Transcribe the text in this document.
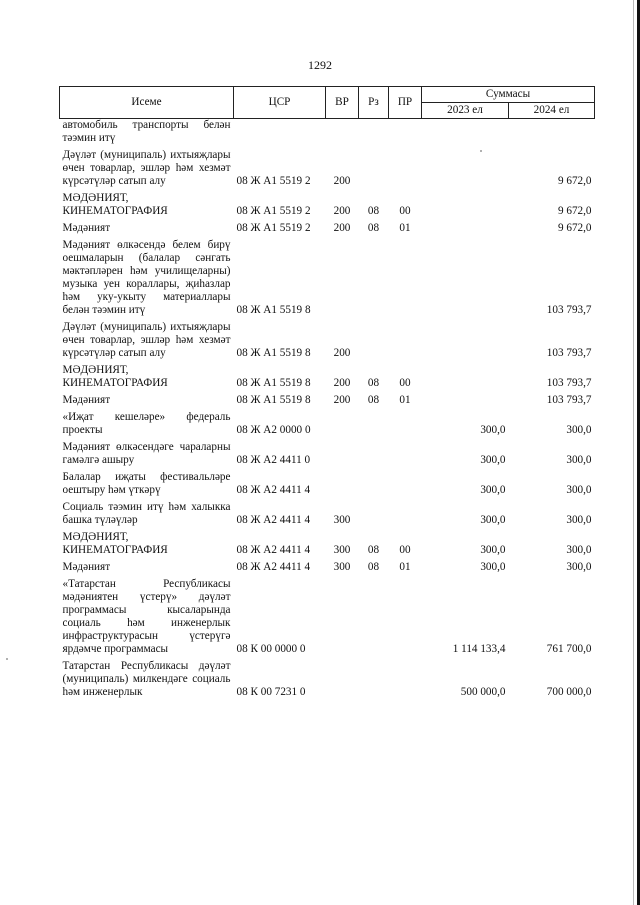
1292
Исеме	ЦСР	ВР	Рз	ПР	Суммасы	
					2023 ел	2024 ел
автомобиль транспорты белән тәэмин итү						
Дәүләт (муниципаль) ихтыяҗлары өчен товарлар, эшләр һәм хезмәт күрсәтүләр сатып алу	08 Ж А1 5519 2	200				9 672,0
МӘДӘНИЯТ, КИНЕМАТОГРАФИЯ	08 Ж А1 5519 2	200	08	00		9 672,0
Мәдәният	08 Ж А1 5519 2	200	08	01		9 672,0
Мәдәният өлкәсендә белем бирү оешмаларын (балалар сәнгать мәктәпләрен һәм училищеларны) музыка уен кораллары, җиһазлар һәм уку-укыту материаллары белән тәэмин итү	08 Ж А1 5519 8					103 793,7
Дәүләт (муниципаль) ихтыяҗлары өчен товарлар, эшләр һәм хезмәт күрсәтүләр сатып алу	08 Ж А1 5519 8	200				103 793,7
МӘДӘНИЯТ, КИНЕМАТОГРАФИЯ	08 Ж А1 5519 8	200	08	00		103 793,7
Мәдәният	08 Ж А1 5519 8	200	08	01		103 793,7
«Иҗат кешеләре» федераль проекты	08 Ж А2 0000 0				300,0	300,0
Мәдәният өлкәсендәге чараларны гамәлгә ашыру	08 Ж А2 4411 0				300,0	300,0
Балалар иҗаты фестивальләре оештыру һәм үткәрү	08 Ж А2 4411 4				300,0	300,0
Социаль тәэмин итү һәм халыкка башка түләүләр	08 Ж А2 4411 4	300			300,0	300,0
МӘДӘНИЯТ, КИНЕМАТОГРАФИЯ	08 Ж А2 4411 4	300	08	00	300,0	300,0
Мәдәният	08 Ж А2 4411 4	300	08	01	300,0	300,0
«Татарстан Республикасы мәдәниятен үстерү» дәүләт программасы кысаларында социаль һәм инженерлык инфраструктурасын үстерүгә ярдәмче программасы	08 К 00 0000 0				1 114 133,4	761 700,0
Татарстан Республикасы дәүләт (муниципаль) милкендәге социаль һәм инженерлык	08 К 00 7231 0				500 000,0	700 000,0
